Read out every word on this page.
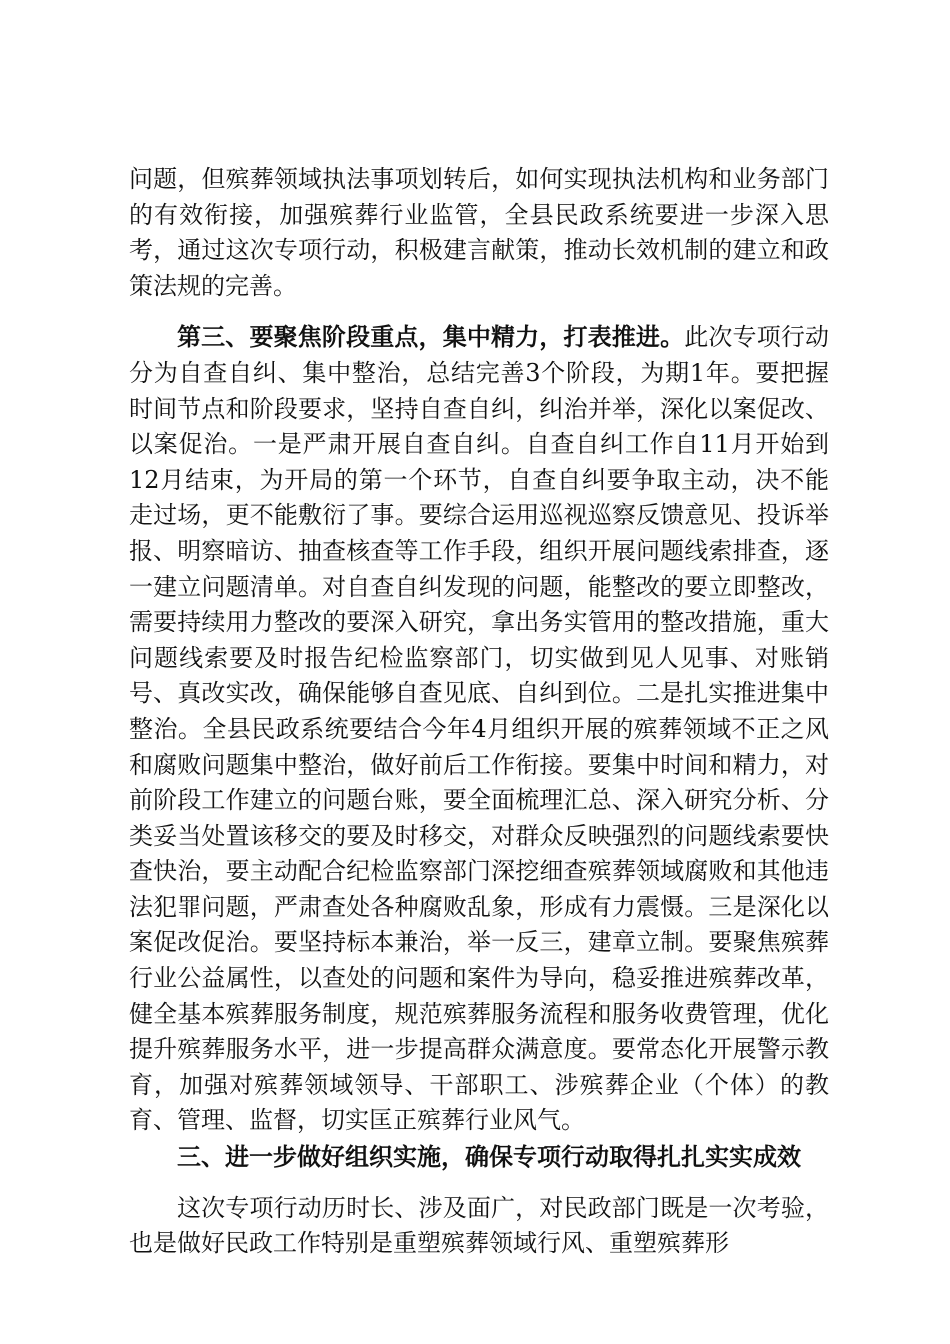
问题，但殡葬领域执法事项划转后，如何实现执法机构和业务部门的有效衔接，加强殡葬行业监管，全县民政系统要进一步深入思考，通过这次专项行动，积极建言献策，推动长效机制的建立和政策法规的完善。

第三、要聚焦阶段重点，集中精力，打表推进。此次专项行动分为自查自纠、集中整治，总结完善3个阶段，为期1年。要把握时间节点和阶段要求，坚持自查自纠，纠治并举，深化以案促改、以案促治。一是严肃开展自查自纠。自查自纠工作自11月开始到12月结束，为开局的第一个环节，自查自纠要争取主动，决不能走过场，更不能敷衍了事。要综合运用巡视巡察反馈意见、投诉举报、明察暗访、抽查核查等工作手段，组织开展问题线索排查，逐一建立问题清单。对自查自纠发现的问题，能整改的要立即整改，需要持续用力整改的要深入研究，拿出务实管用的整改措施，重大问题线索要及时报告纪检监察部门，切实做到见人见事、对账销号、真改实改，确保能够自查见底、自纠到位。二是扎实推进集中整治。全县民政系统要结合今年4月组织开展的殡葬领域不正之风和腐败问题集中整治，做好前后工作衔接。要集中时间和精力，对前阶段工作建立的问题台账，要全面梳理汇总、深入研究分析、分类妥当处置该移交的要及时移交，对群众反映强烈的问题线索要快查快治，要主动配合纪检监察部门深挖细查殡葬领域腐败和其他违法犯罪问题，严肃查处各种腐败乱象，形成有力震慑。三是深化以案促改促治。要坚持标本兼治，举一反三，建章立制。要聚焦殡葬行业公益属性，以查处的问题和案件为导向，稳妥推进殡葬改革，健全基本殡葬服务制度，规范殡葬服务流程和服务收费管理，优化提升殡葬服务水平，进一步提高群众满意度。要常态化开展警示教育，加强对殡葬领域领导、干部职工、涉殡葬企业（个体）的教育、管理、监督，切实匡正殡葬行业风气。

三、进一步做好组织实施，确保专项行动取得扎扎实实成效

这次专项行动历时长、涉及面广，对民政部门既是一次考验，也是做好民政工作特别是重塑殡葬领域行风、重塑殡葬形
